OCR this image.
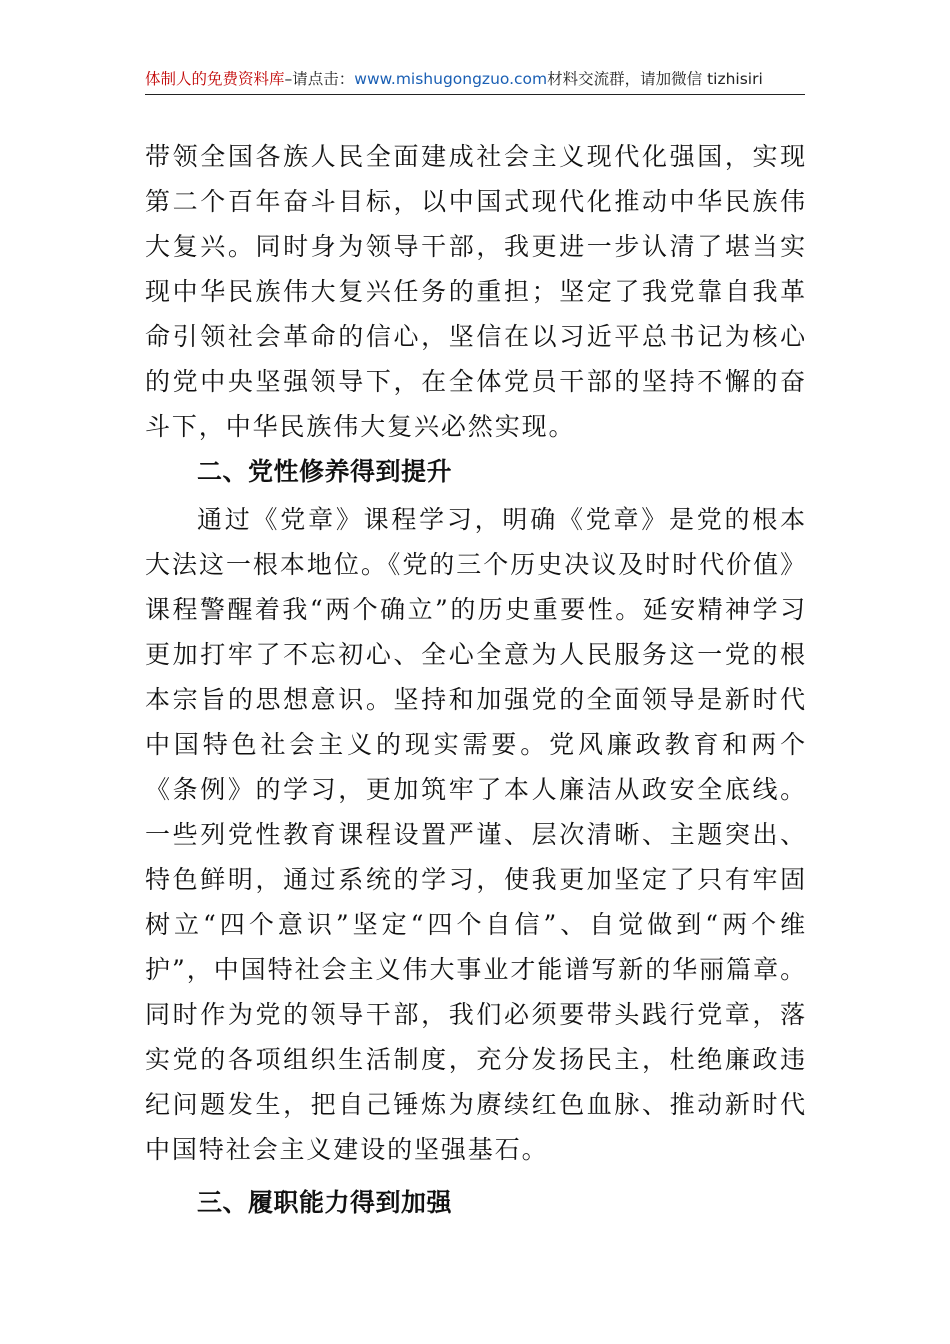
体制人的免费资料库–请点击：www.mishugongzuo.com材料交流群，请加微信 tizhisiri

带领全国各族人民全面建成社会主义现代化强国，实现第二个百年奋斗目标，以中国式现代化推动中华民族伟大复兴。同时身为领导干部，我更进一步认清了堪当实现中华民族伟大复兴任务的重担；坚定了我党靠自我革命引领社会革命的信心，坚信在以习近平总书记为核心的党中央坚强领导下，在全体党员干部的坚持不懈的奋斗下，中华民族伟大复兴必然实现。

二、党性修养得到提升

通过《党章》课程学习，明确《党章》是党的根本大法这一根本地位。《党的三个历史决议及时时代价值》课程警醒着我“两个确立”的历史重要性。延安精神学习更加打牢了不忘初心、全心全意为人民服务这一党的根本宗旨的思想意识。坚持和加强党的全面领导是新时代中国特色社会主义的现实需要。党风廉政教育和两个《条例》的学习，更加筑牢了本人廉洁从政安全底线。一些列党性教育课程设置严谨、层次清晰、主题突出、特色鲜明，通过系统的学习，使我更加坚定了只有牢固树立“四个意识”坚定“四个自信”、自觉做到“两个维护”，中国特社会主义伟大事业才能谱写新的华丽篇章。同时作为党的领导干部，我们必须要带头践行党章，落实党的各项组织生活制度，充分发扬民主，杜绝廉政违纪问题发生，把自己锤炼为赓续红色血脉、推动新时代中国特社会主义建设的坚强基石。

三、履职能力得到加强
